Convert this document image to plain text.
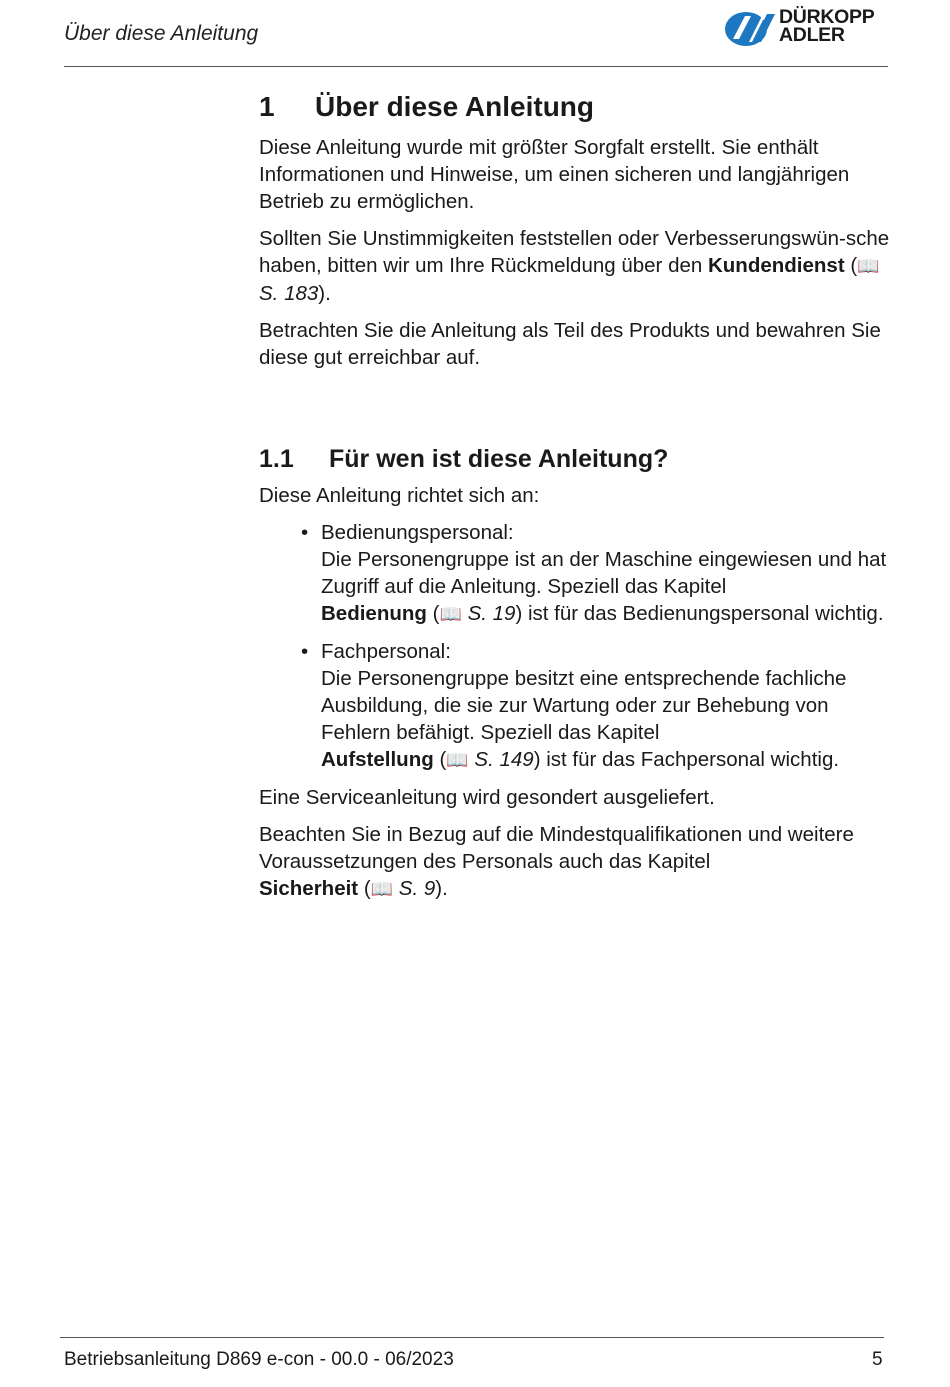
Über diese Anleitung
DÜRKOPP
ADLER
1 Über diese Anleitung

Diese Anleitung wurde mit größter Sorgfalt erstellt. Sie enthält Informationen und Hinweise, um einen sicheren und langjährigen Betrieb zu ermöglichen.

Sollten Sie Unstimmigkeiten feststellen oder Verbesserungswün-sche haben, bitten wir um Ihre Rückmeldung über den Kundendienst (📖 S. 183).

Betrachten Sie die Anleitung als Teil des Produkts und bewahren Sie diese gut erreichbar auf.

1.1 Für wen ist diese Anleitung?

Diese Anleitung richtet sich an:

• Bedienungspersonal:
Die Personengruppe ist an der Maschine eingewiesen und hat Zugriff auf die Anleitung. Speziell das Kapitel
Bedienung (📖 S. 19) ist für das Bedienungspersonal wichtig.
• Fachpersonal:
Die Personengruppe besitzt eine entsprechende fachliche Ausbildung, die sie zur Wartung oder zur Behebung von Fehlern befähigt. Speziell das Kapitel
Aufstellung (📖 S. 149) ist für das Fachpersonal wichtig.

Eine Serviceanleitung wird gesondert ausgeliefert.

Beachten Sie in Bezug auf die Mindestqualifikationen und weitere Voraussetzungen des Personals auch das Kapitel
Sicherheit (📖 S. 9).

Betriebsanleitung D869 e-con - 00.0 - 06/2023	5
